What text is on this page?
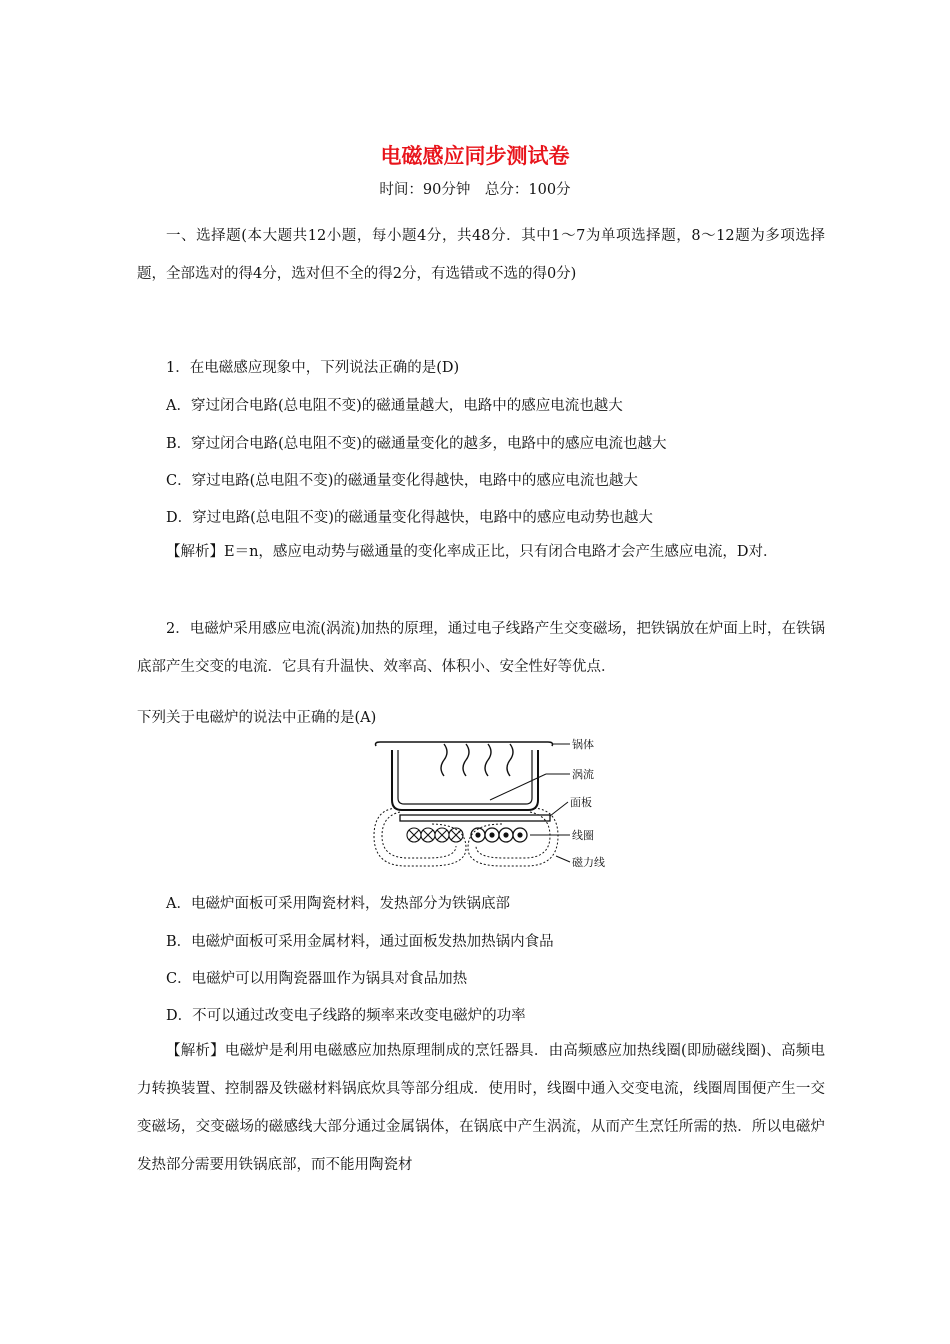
电磁感应同步测试卷
时间：90分钟　总分：100分
一、选择题(本大题共12小题，每小题4分，共48分．其中1～7为单项选择题，8～12题为多项选择题，全部选对的得4分，选对但不全的得2分，有选错或不选的得0分)
1．在电磁感应现象中，下列说法正确的是(D)
A．穿过闭合电路(总电阻不变)的磁通量越大，电路中的感应电流也越大
B．穿过闭合电路(总电阻不变)的磁通量变化的越多，电路中的感应电流也越大
C．穿过电路(总电阻不变)的磁通量变化得越快，电路中的感应电流也越大
D．穿过电路(总电阻不变)的磁通量变化得越快，电路中的感应电动势也越大
【解析】E＝n，感应电动势与磁通量的变化率成正比，只有闭合电路才会产生感应电流，D对．
2．电磁炉采用感应电流(涡流)加热的原理，通过电子线路产生交变磁场，把铁锅放在炉面上时，在铁锅底部产生交变的电流．它具有升温快、效率高、体积小、安全性好等优点．
下列关于电磁炉的说法中正确的是(A)
锅体
涡流
面板
线圈
磁力线
A．电磁炉面板可采用陶瓷材料，发热部分为铁锅底部
B．电磁炉面板可采用金属材料，通过面板发热加热锅内食品
C．电磁炉可以用陶瓷器皿作为锅具对食品加热
D．不可以通过改变电子线路的频率来改变电磁炉的功率
【解析】电磁炉是利用电磁感应加热原理制成的烹饪器具．由高频感应加热线圈(即励磁线圈)、高频电力转换装置、控制器及铁磁材料锅底炊具等部分组成．使用时，线圈中通入交变电流，线圈周围便产生一交变磁场，交变磁场的磁感线大部分通过金属锅体，在锅底中产生涡流，从而产生烹饪所需的热．所以电磁炉发热部分需要用铁锅底部，而不能用陶瓷材
